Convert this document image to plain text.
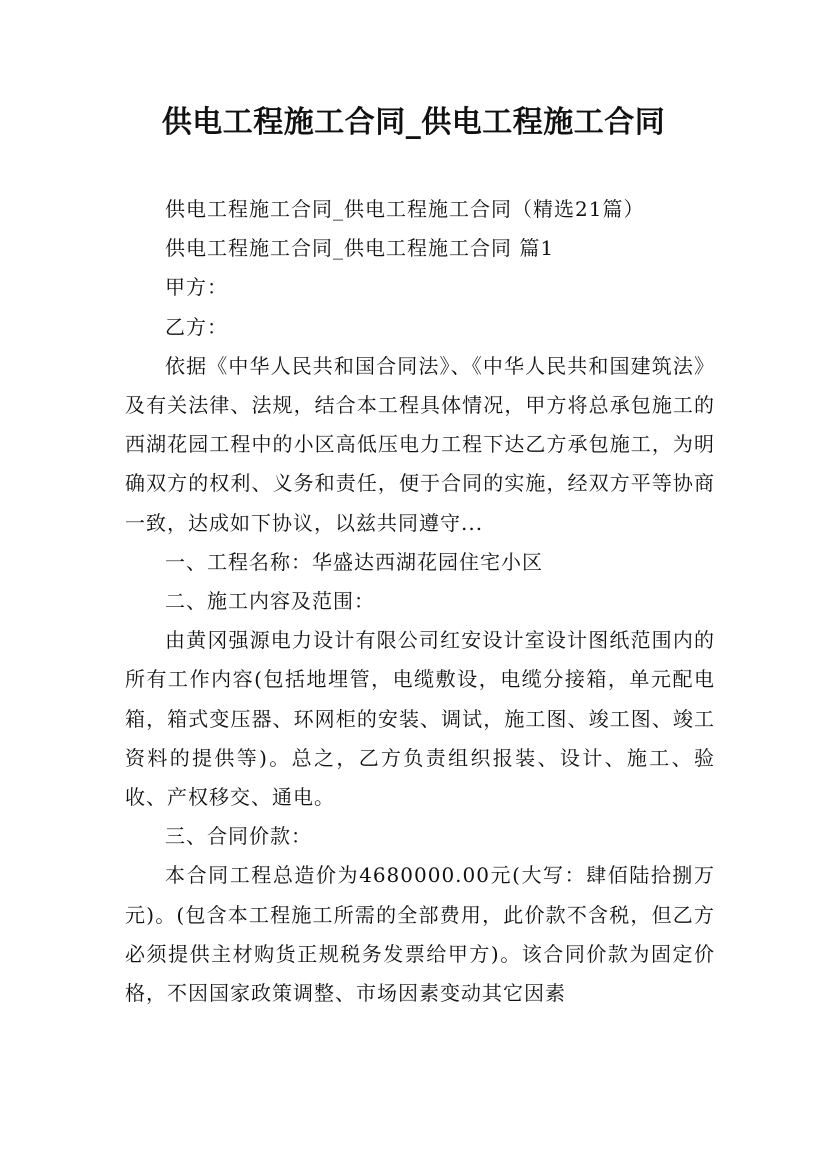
供电工程施工合同_供电工程施工合同

供电工程施工合同_供电工程施工合同（精选21篇）

供电工程施工合同_供电工程施工合同 篇1

甲方：

乙方：

依据《中华人民共和国合同法》、《中华人民共和国建筑法》及有关法律、法规，结合本工程具体情况，甲方将总承包施工的西湖花园工程中的小区高低压电力工程下达乙方承包施工，为明确双方的权利、义务和责任，便于合同的实施，经双方平等协商一致，达成如下协议，以兹共同遵守...

一、工程名称：华盛达西湖花园住宅小区

二、施工内容及范围：

由黄冈强源电力设计有限公司红安设计室设计图纸范围内的所有工作内容(包括地埋管，电缆敷设，电缆分接箱，单元配电箱，箱式变压器、环网柜的安装、调试，施工图、竣工图、竣工资料的提供等)。总之，乙方负责组织报装、设计、施工、验收、产权移交、通电。

三、合同价款：

本合同工程总造价为4680000.00元(大写：肆佰陆拾捌万元)。(包含本工程施工所需的全部费用，此价款不含税，但乙方必须提供主材购货正规税务发票给甲方)。该合同价款为固定价格，不因国家政策调整、市场因素变动其它因素
